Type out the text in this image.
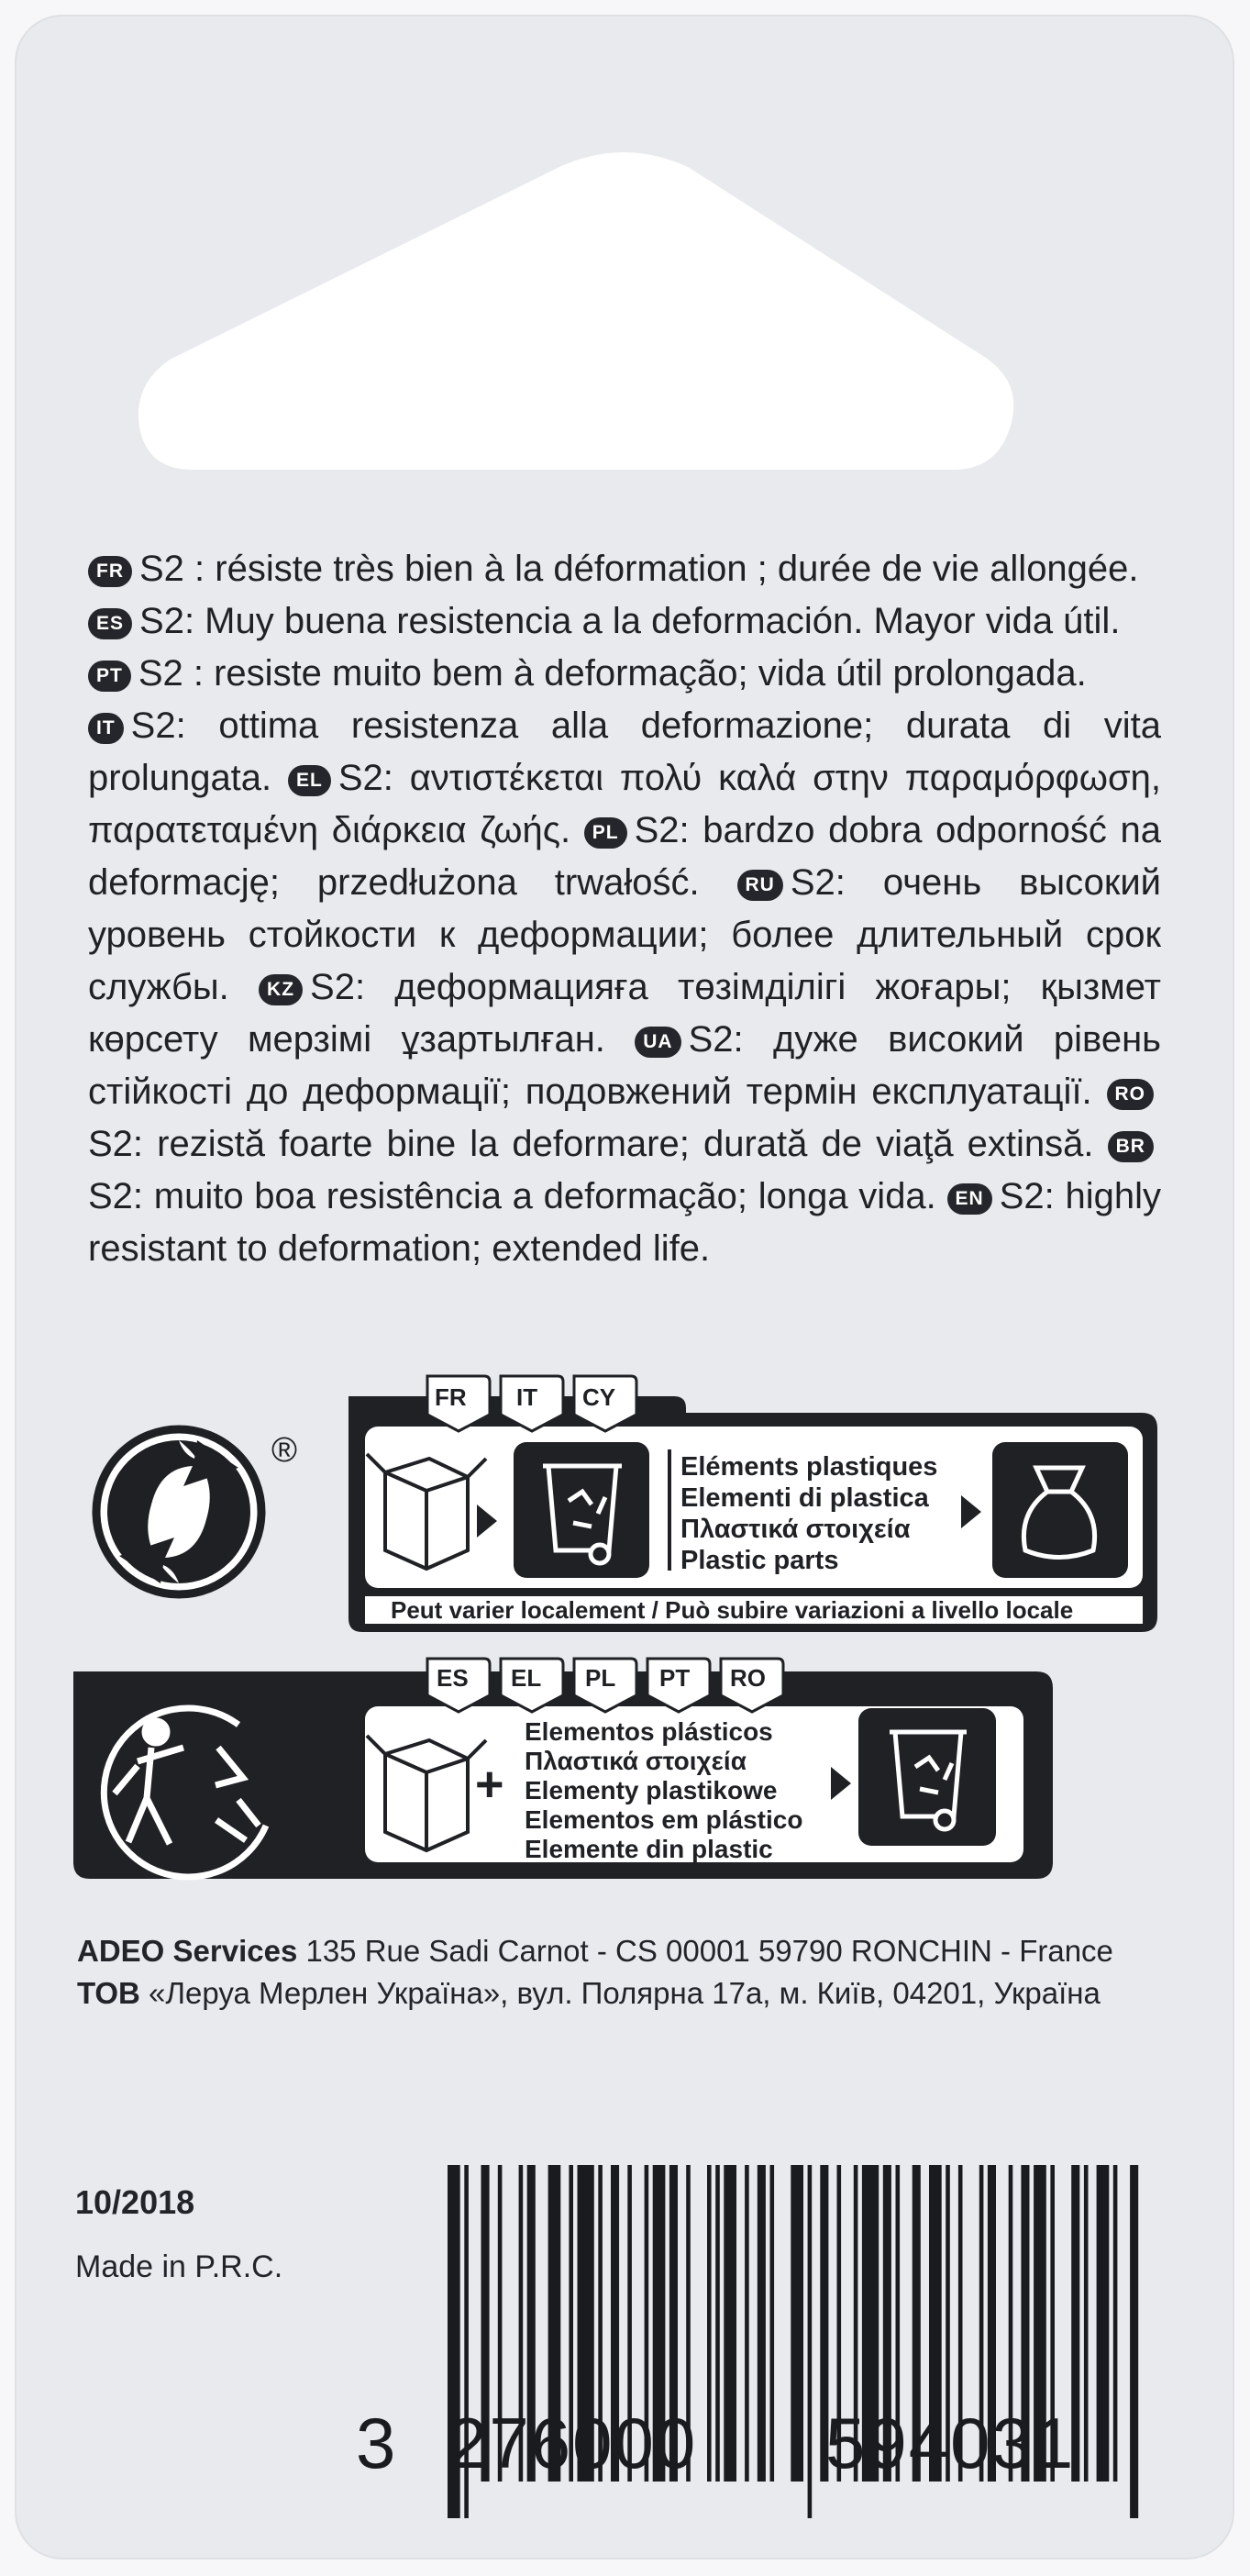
FR S2 : résiste très bien à la déformation ; durée de vie allongée.
ES S2: Muy buena resistencia a la deformación. Mayor vida útil.
PT S2 : resiste muito bem à deformação; vida útil prolongada.
IT S2: ottima resistenza alla deformazione; durata di vita prolungata. EL S2: αντιστέκεται πολύ καλά στην παραμόρφωση, παρατεταμένη διάρκεια ζωής. PL S2: bardzo dobra odporność na deformację; przedłużona trwałość. RU S2: очень высокий уровень стойкости к деформации; более длительный срок службы. KZ S2: деформацияға төзімділігі жоғары; қызмет көрсету мерзімі ұзартылған. UA S2: дуже високий рівень стійкості до деформації; подовжений термін експлуатації. ROS2: rezistă foarte bine la deformare; durată de viaţă extinsă. BRS2: muito boa resistência a deformação; longa vida. EN S2: highly resistant to deformation; extended life.
®
+
FR IT CY
Eléments plastiques
Elementi di plastica
Πλαστικά στοιχεία
Plastic parts
Peut varier localement / Può subire variazioni a livello locale
ES EL PL PT RO
Elementos plásticos
Πλαστικά στοιχεία
Elementy plastikowe
Elementos em plástico
Elemente din plastic
ADEO Services 135 Rue Sadi Carnot - CS 00001 59790 RONCHIN - France
ТОВ «Леруа Мерлен Україна», вул. Полярна 17а, м. Київ, 04201, Україна
10/2018
Made in P.R.C.
3 276000 594031
